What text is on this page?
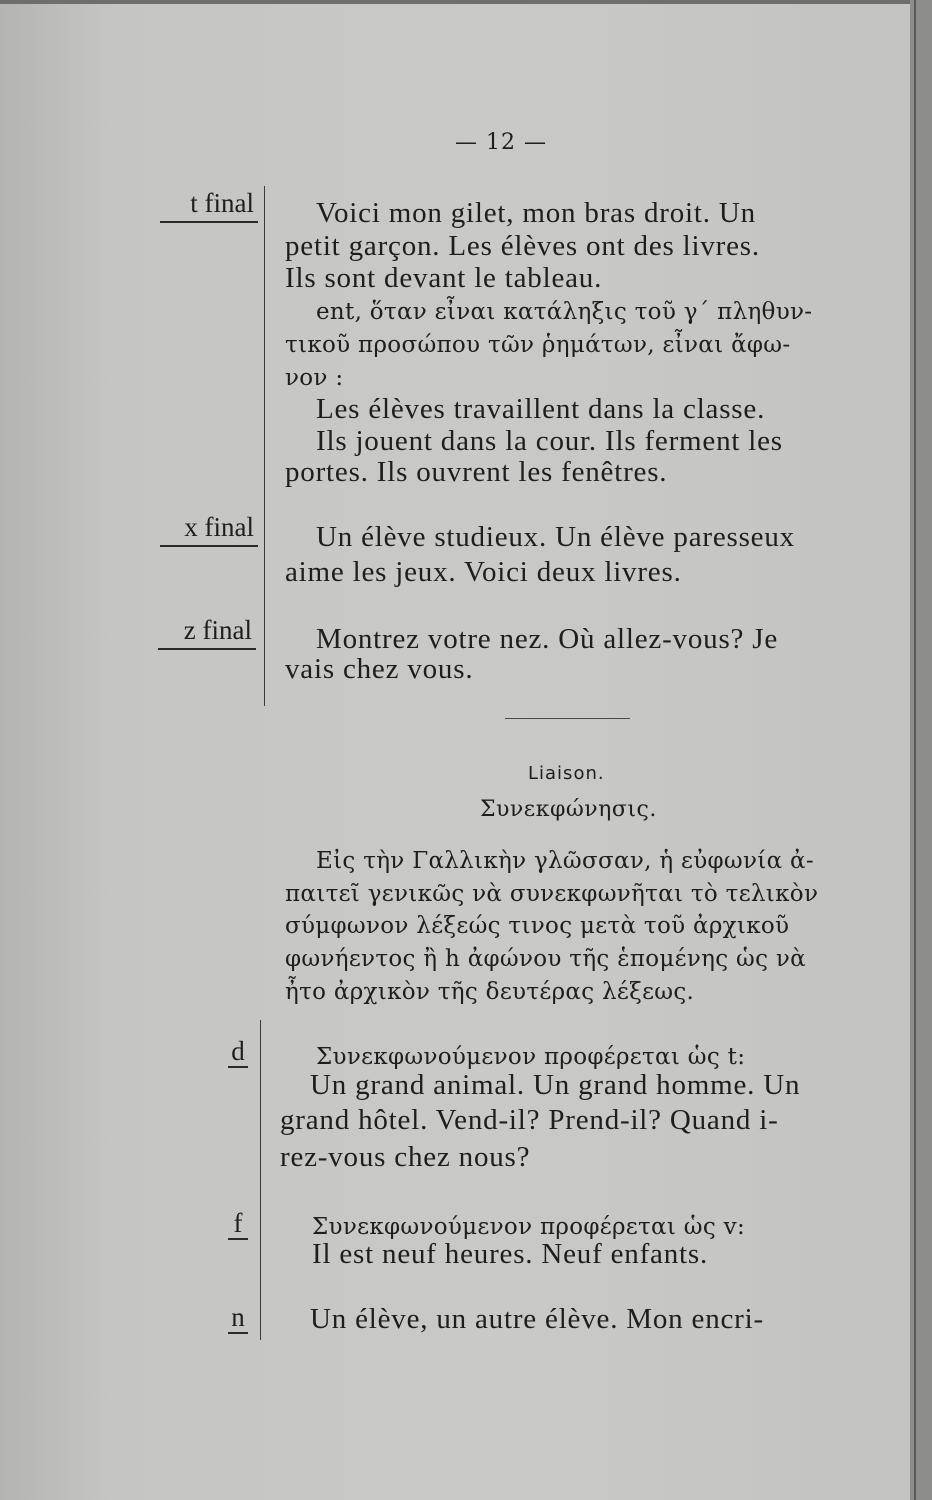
— 12 —
t final Voici mon gilet, mon bras droit. Un
petit garçon. Les élèves ont des livres.
Ils sont devant le tableau.
ent, ὅταν εἶναι κατάληξις τοῦ γ΄ πληθυν-
τικοῦ προσώπου τῶν ῥημάτων, εἶναι ἄφω-
νον :
Les élèves travaillent dans la classe.
Ils jouent dans la cour. Ils ferment les
portes. Ils ouvrent les fenêtres.
x final Un élève studieux. Un élève paresseux
aime les jeux. Voici deux livres.
z final Montrez votre nez. Où allez-vous? Je
vais chez vous.
Liaison.
Συνεκφώνησις.
Εἰς τὴν Γαλλικὴν γλῶσσαν, ἡ εὐφωνία ἀ-
παιτεῖ γενικῶς νὰ συνεκφωνῆται τὸ τελικὸν
σύμφωνον λέξεώς τινος μετὰ τοῦ ἀρχικοῦ
φωνήεντος ἢ h ἀφώνου τῆς ἑπομένης ὡς νὰ
ἦτο ἀρχικὸν τῆς δευτέρας λέξεως.
d	Συνεκφωνούμενον προφέρεται ὡς t:
Un grand animal. Un grand homme. Un
grand hôtel. Vend-il? Prend-il? Quand i-
rez-vous chez nous?
f	Συνεκφωνούμενον προφέρεται ὡς v:
Il est neuf heures. Neuf enfants.
n Un élève, un autre élève. Mon encri-
